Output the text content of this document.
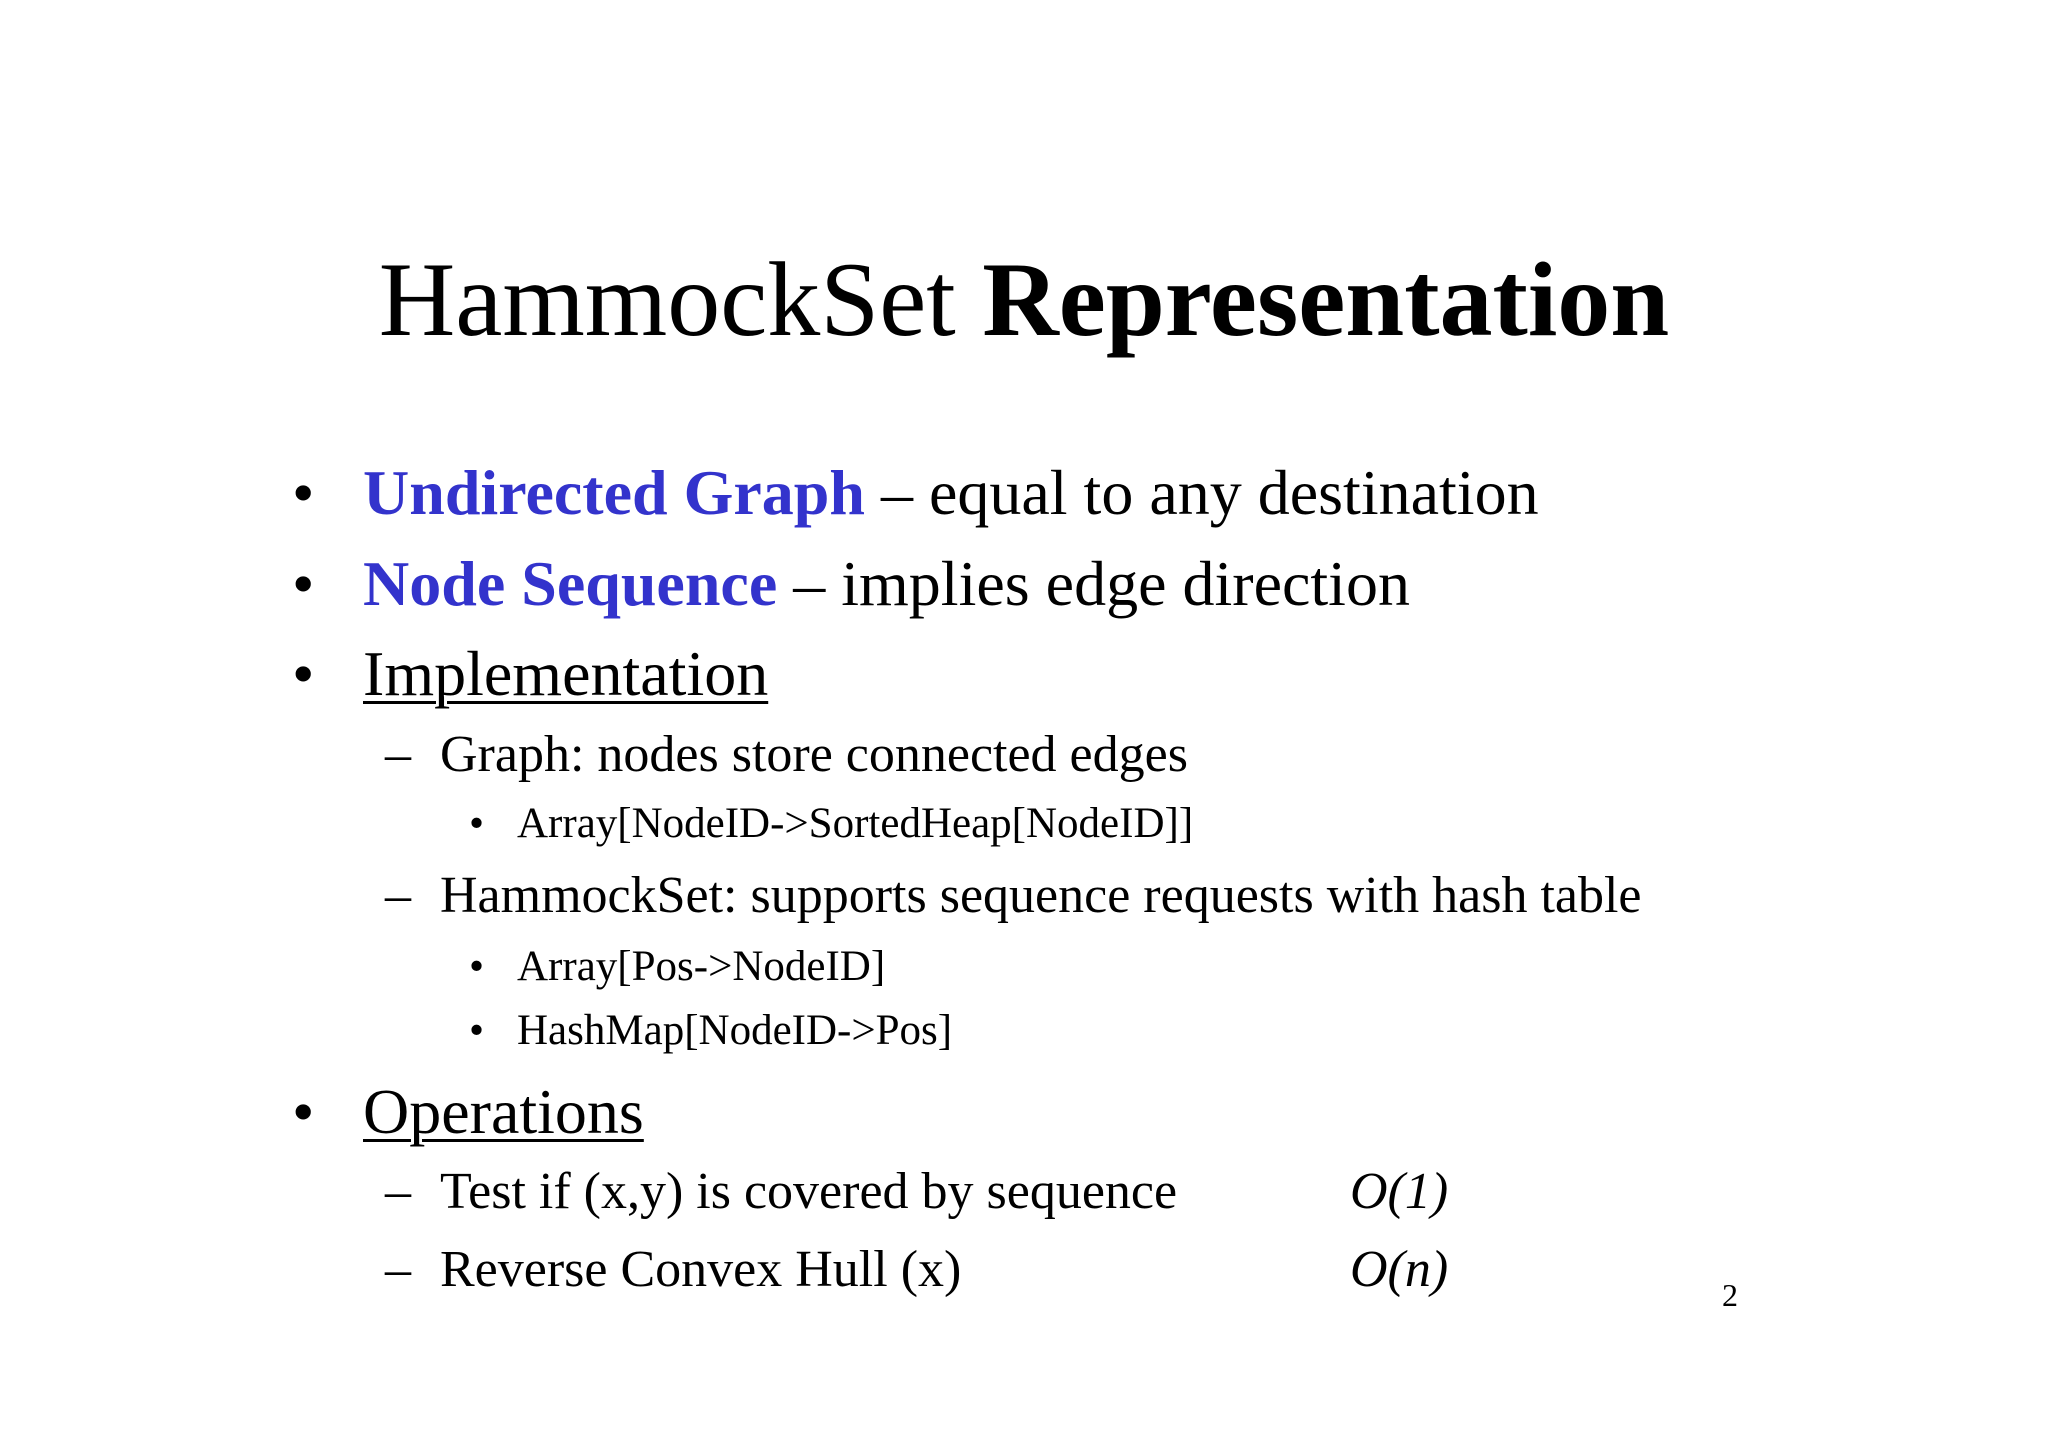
HammockSet Representation
• Undirected Graph – equal to any destination
• Node Sequence – implies edge direction
• Implementation
– Graph: nodes store connected edges
• Array[NodeID->SortedHeap[NodeID]]
– HammockSet: supports sequence requests with hash table
• Array[Pos->NodeID]
• HashMap[NodeID->Pos]
• Operations
– Test if (x,y) is covered by sequence	O(1)
– Reverse Convex Hull (x)	O(n)	2
